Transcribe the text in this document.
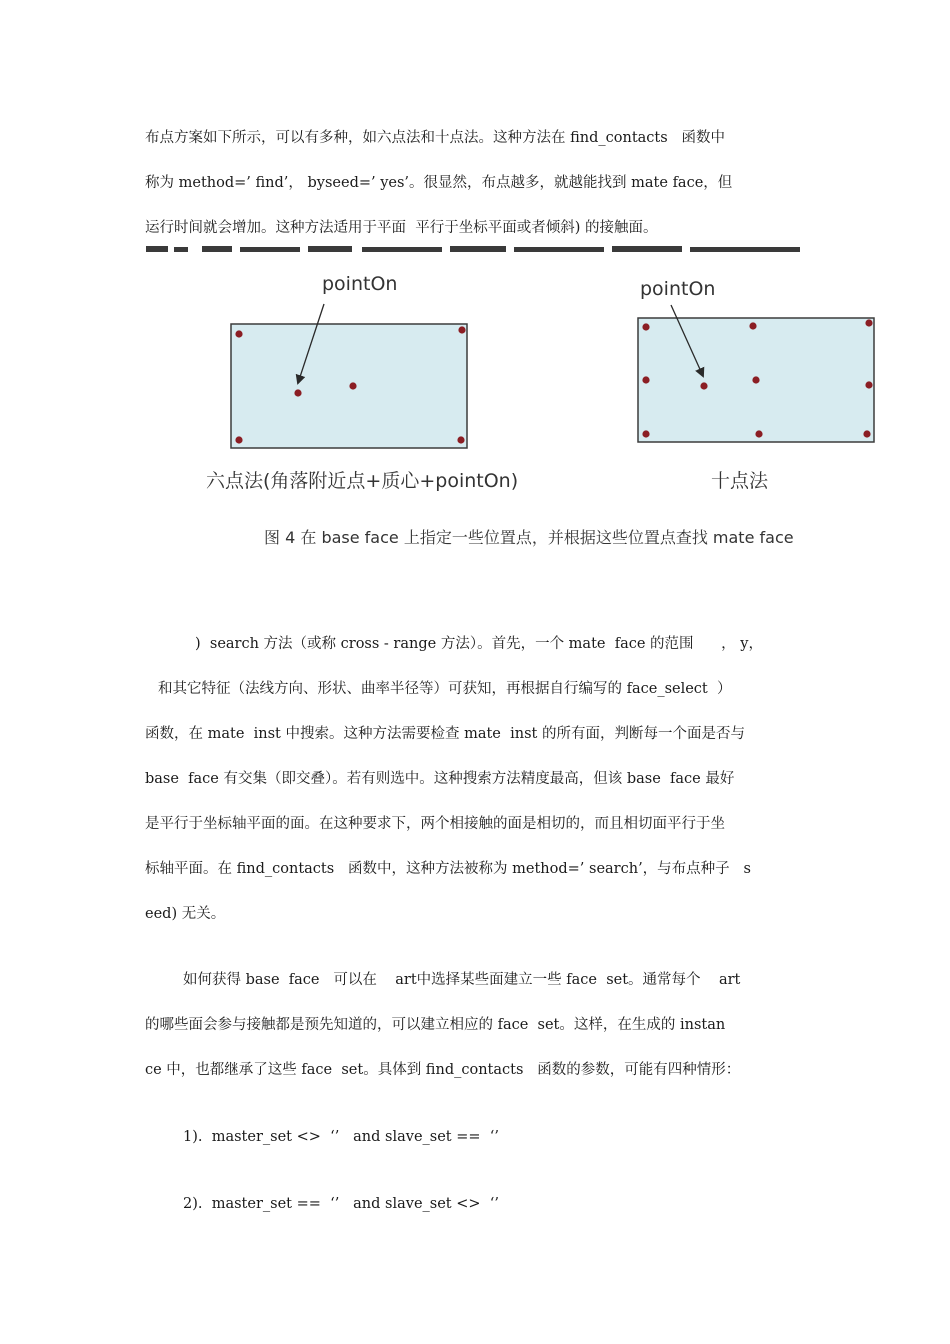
布点方案如下所示，可以有多种，如六点法和十点法。这种方法在 find_contacts   函数中
称为 method=’ find’， byseed=’ yes’。很显然，布点越多，就越能找到 mate face，但
运行时间就会增加。这种方法适用于平面  平行于坐标平面或者倾斜) 的接触面。
pointOn	pointOn
六点法(角落附近点+质心+pointOn)	十点法
图 4 在 base face 上指定一些位置点，并根据这些位置点查找 mate face
)  search 方法（或称 cross - range 方法）。首先，一个 mate  face 的范围      ， y，
和其它特征（法线方向、形状、曲率半径等）可获知，再根据自行编写的 face_select  ）
函数，在 mate  inst 中搜索。这种方法需要检查 mate  inst 的所有面，判断每一个面是否与
base  face 有交集（即交叠）。若有则选中。这种搜索方法精度最高，但该 base  face 最好
是平行于坐标轴平面的面。在这种要求下，两个相接触的面是相切的，而且相切面平行于坐
标轴平面。在 find_contacts   函数中，这种方法被称为 method=’ search’，与布点种子   s
eed) 无关。
如何获得 base  face   可以在    art中选择某些面建立一些 face  set。通常每个    art
的哪些面会参与接触都是预先知道的，可以建立相应的 face  set。这样，在生成的 instan
ce 中，也都继承了这些 face  set。具体到 find_contacts   函数的参数，可能有四种情形：
1).  master_set <>  ‘’   and slave_set ==  ‘’
2).  master_set ==  ‘’   and slave_set <>  ‘’
